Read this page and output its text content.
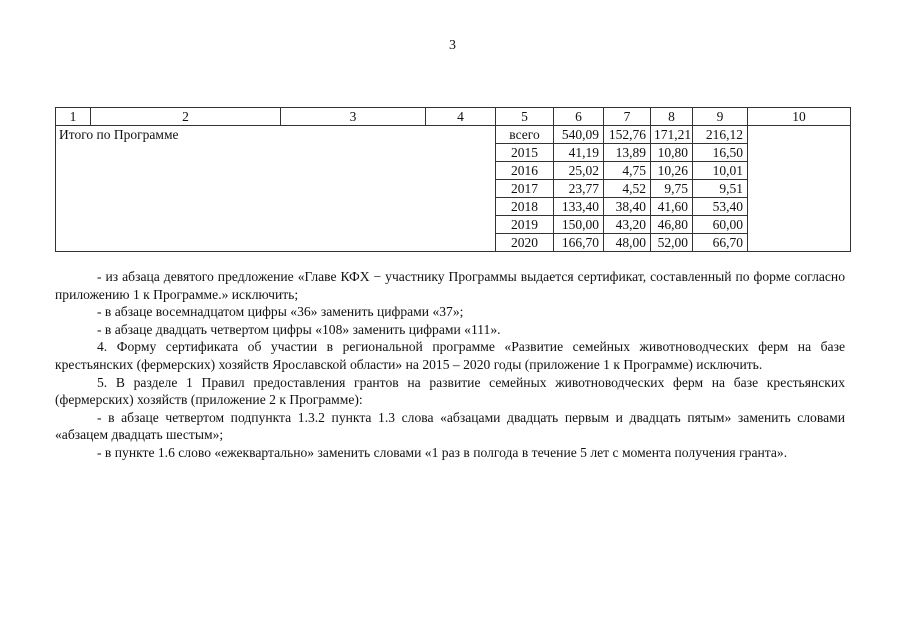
3
1	2	3	4	5	6	7	8	9	10
Итого по Программе				всего	540,09	152,76	171,21	216,12	
				2015	41,19	13,89	10,80	16,50	
				2016	25,02	4,75	10,26	10,01	
				2017	23,77	4,52	9,75	9,51	
				2018	133,40	38,40	41,60	53,40	
				2019	150,00	43,20	46,80	60,00	
				2020	166,70	48,00	52,00	66,70	

- из абзаца девятого предложение «Главе КФХ − участнику Программы выдается сертификат, составленный по форме согласно приложению 1 к Программе.» исключить;

- в абзаце восемнадцатом цифры «36» заменить цифрами «37»;

- в абзаце двадцать четвертом цифры «108» заменить цифрами «111».

4. Форму сертификата об участии в региональной программе «Развитие семейных животноводческих ферм на базе крестьянских (фермерских) хозяйств Ярославской области» на 2015 – 2020 годы (приложение 1 к Программе) исключить.

5. В разделе 1 Правил предоставления грантов на развитие семейных животноводческих ферм на базе крестьянских (фермерских) хозяйств (приложение 2 к Программе):

- в абзаце четвертом подпункта 1.3.2 пункта 1.3 слова «абзацами двадцать первым и двадцать пятым» заменить словами «абзацем двадцать шестым»;

- в пункте 1.6 слово «ежеквартально» заменить словами «1 раз в полгода в течение 5 лет с момента получения гранта».
